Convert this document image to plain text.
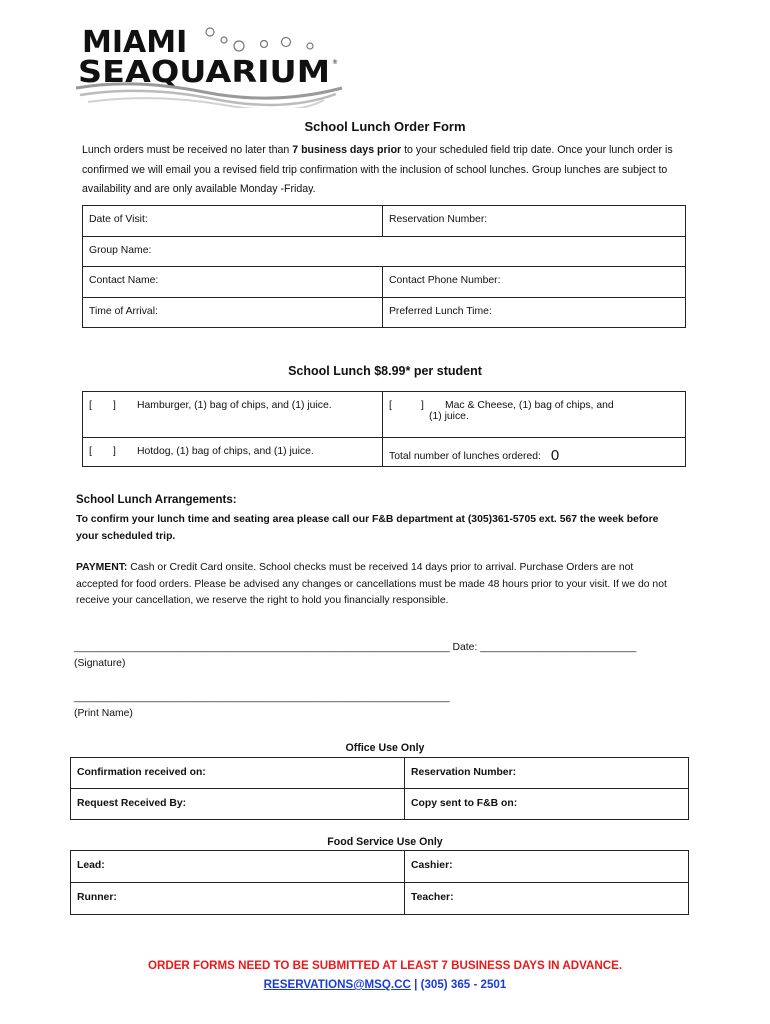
MIAMI
SEAQUARIUM ®
School Lunch Order Form
Lunch orders must be received no later than 7 business days prior to your scheduled field trip date. Once your lunch order is confirmed we will email you a revised field trip confirmation with the inclusion of school lunches. Group lunches are subject to availability and are only available Monday -Friday.
Date of Visit:	Reservation Number:
Group Name:	
Contact Name:	Contact Phone Number:
Time of Arrival:	Preferred Lunch Time:
School Lunch $8.99* per student
[ ] Hamburger, (1) bag of chips, and (1) juice.	[ ] Mac & Cheese, (1) bag of chips, and
(1) juice.

[ ] Hotdog, (1) bag of chips, and (1) juice.	Total number of lunches ordered: 0
School Lunch Arrangements:
To confirm your lunch time and seating area please call our F&B department at (305)361-5705 ext. 567 the week before your scheduled trip.
PAYMENT: Cash or Credit Card onsite. School checks must be received 14 days prior to arrival. Purchase Orders are not accepted for food orders. Please be advised any changes or cancellations must be made 48 hours prior to your visit. If we do not receive your cancellation, we reserve the right to hold you financially responsible.
_________________________________________________________________ Date: ___________________________
(Signature)
_________________________________________________________________
(Print Name)
Office Use Only
Confirmation received on:	Reservation Number:
Request Received By:	Copy sent to F&B on:
Food Service Use Only
Lead:	Cashier:
Runner:	Teacher:
ORDER FORMS NEED TO BE SUBMITTED AT LEAST 7 BUSINESS DAYS IN ADVANCE.
RESERVATIONS@MSQ.CC | (305) 365 - 2501
